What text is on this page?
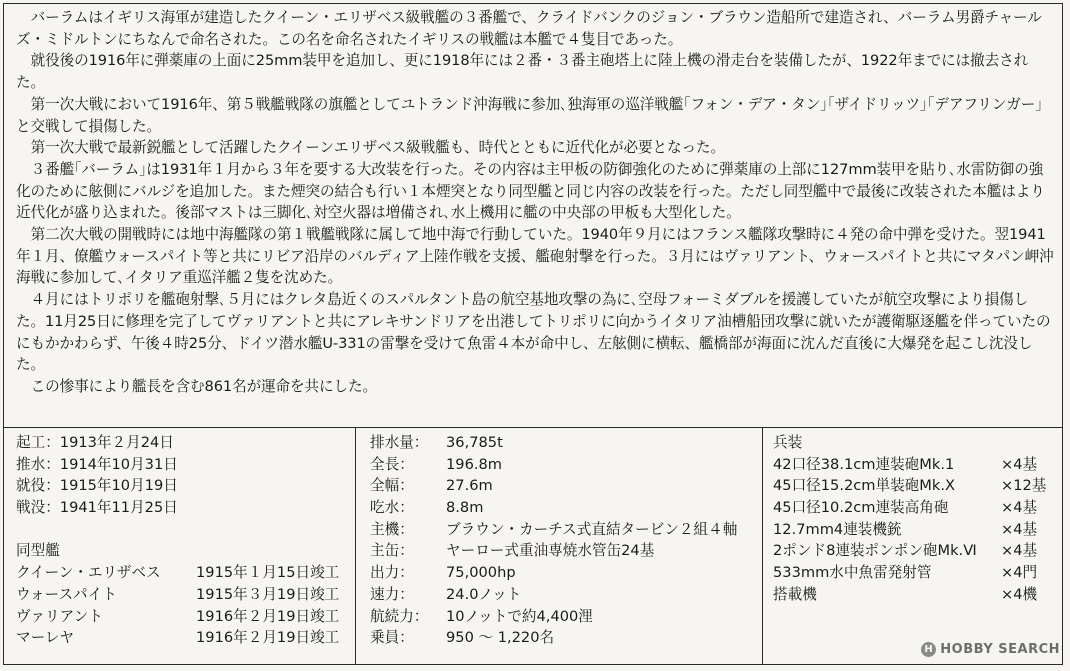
バーラムはイギリス海軍が建造したクイーン・エリザベス級戦艦の３番艦で、クライドバンクのジョン・ブラウン造船所で建造され、バーラム男爵チャールズ・ミドルトンにちなんで命名された。この名を命名されたイギリスの戦艦は本艦で４隻目であった。

就役後の1916年に弾薬庫の上面に25mm装甲を追加し、更に1918年には２番・３番主砲塔上に陸上機の滑走台を装備したが、1922年までには撤去された。

第一次大戦において1916年、第５戦艦戦隊の旗艦としてユトランド沖海戦に参加､独海軍の巡洋戦艦｢フォン・デア・タン｣｢ザイドリッツ｣｢デアフリンガー｣と交戦して損傷した。

第一次大戦で最新鋭艦として活躍したクイーンエリザベス級戦艦も、時代とともに近代化が必要となった。

３番艦｢バーラム｣は1931年１月から３年を要する大改装を行った。その内容は主甲板の防御強化のために弾薬庫の上部に127mm装甲を貼り､水雷防御の強化のために舷側にバルジを追加した。また煙突の結合も行い１本煙突となり同型艦と同じ内容の改装を行った。ただし同型艦中で最後に改装された本艦はより近代化が盛り込まれた。後部マストは三脚化､対空火器は増備され､水上機用に艦の中央部の甲板も大型化した。

第二次大戦の開戦時には地中海艦隊の第１戦艦戦隊に属して地中海で行動していた。1940年９月にはフランス艦隊攻撃時に４発の命中弾を受けた。翌1941年１月、僚艦ウォースパイト等と共にリビア沿岸のバルディア上陸作戦を支援、艦砲射撃を行った。３月にはヴァリアント、ウォースパイトと共にマタパン岬沖海戦に参加して､イタリア重巡洋艦２隻を沈めた。

４月にはトリポリを艦砲射撃､５月にはクレタ島近くのスパルタント島の航空基地攻撃の為に､空母フォーミダブルを援護していたが航空攻撃により損傷した。11月25日に修理を完了してヴァリアントと共にアレキサンドリアを出港してトリポリに向かうイタリア油槽船団攻撃に就いたが護衛駆逐艦を伴っていたのにもかかわらず、午後４時25分、ドイツ潜水艦U-331の雷撃を受けて魚雷４本が命中し、左舷側に横転、艦橋部が海面に沈んだ直後に大爆発を起こし沈没した。

この惨事により艦長を含む861名が運命を共にした。

起工：1913年２月24日
推水：1914年10月31日
就役：1915年10月19日
戦没：1941年11月25日
同型艦
クイーン・エリザベス 1915年１月15日竣工
ウォースパイト	1915年３月19日竣工
ヴァリアント	1916年２月19日竣工
マーレヤ	1916年２月19日竣工
排水量： 36,785t
全長： 196.8m
全幅： 27.6m
吃水： 8.8m
主機： ブラウン・カーチス式直結タービン２組４軸
主缶： ヤーロー式重油専焼水管缶24基
出力： 75,000hp
速力： 24.0ノット
航続力： 10ノットで約4,400浬
乗員： 950 ～ 1,220名
兵装
42口径38.1cm連装砲Mk.1	×4基
45口径15.2cm単装砲Mk.X	×12基
45口径10.2cm連装高角砲	×4基
12.7mm4連装機銃	×4基
2ポンド8連装ポンポン砲Mk.Ⅵ ×4基
533mm水中魚雷発射管	×4門
搭載機	×4機
H HOBBY SEARCH
